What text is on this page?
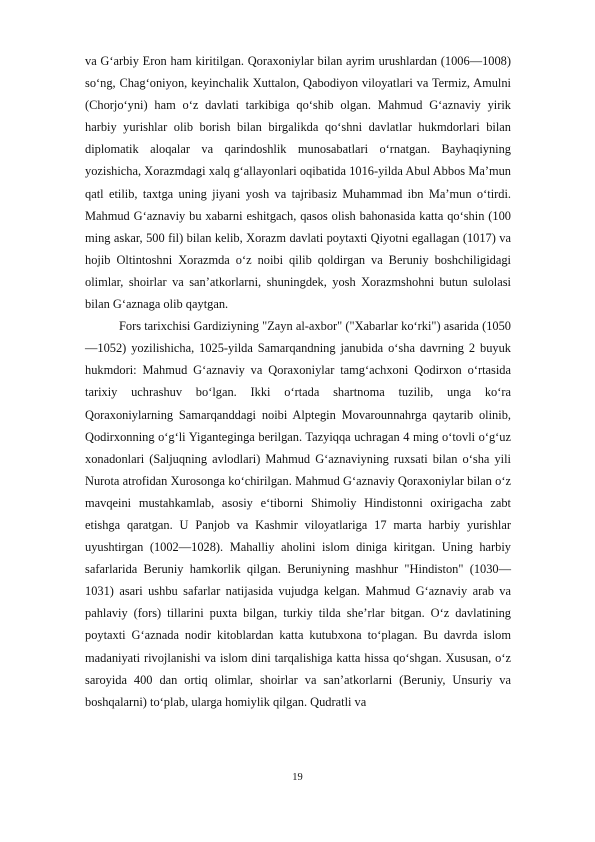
va Gʻarbiy Eron ham kiritilgan. Qoraxoniylar bilan ayrim urushlardan (1006—1008) soʻng, Chagʻoniyon, keyinchalik Xuttalon, Qabodiyon viloyatlari va Termiz, Amulni (Chorjoʻyni) ham oʻz davlati tarkibiga qoʻshib olgan. Mahmud Gʻaznaviy yirik harbiy yurishlar olib borish bilan birgalikda qoʻshni davlatlar hukmdorlari bilan diplomatik aloqalar va qarindoshlik munosabatlari oʻrnatgan. Bayhaqiyning yozishicha, Xorazmdagi xalq gʻallayonlari oqibatida 1016-yilda Abul Abbos Maʼmun qatl etilib, taxtga uning jiyani yosh va tajribasiz Muhammad ibn Maʼmun oʻtirdi. Mahmud Gʻaznaviy bu xabarni eshitgach, qasos olish bahonasida katta qoʻshin (100 ming askar, 500 fil) bilan kelib, Xorazm davlati poytaxti Qiyotni egallagan (1017) va hojib Oltintoshni Xorazmda oʻz noibi qilib qoldirgan va Beruniy boshchiligidagi olimlar, shoirlar va sanʼatkorlarni, shuningdek, yosh Xorazmshohni butun sulolasi bilan Gʻaznaga olib qaytgan.

Fors tarixchisi Gardiziyning "Zayn al-axbor" ("Xabarlar koʻrki") asarida (1050—1052) yozilishicha, 1025-yilda Samarqandning janubida oʻsha davrning 2 buyuk hukmdori: Mahmud Gʻaznaviy va Qoraxoniylar tamgʻachxoni Qodirxon oʻrtasida tarixiy uchrashuv boʻlgan. Ikki oʻrtada shartnoma tuzilib, unga koʻra Qoraxoniylarning Samarqanddagi noibi Alptegin Movarounnahrga qaytarib olinib, Qodirxonning oʻgʻli Yiganteginga berilgan. Tazyiqqa uchragan 4 ming oʻtovli oʻgʻuz xonadonlari (Saljuqning avlodlari) Mahmud Gʻaznaviyning ruxsati bilan oʻsha yili Nurota atrofidan Xurosonga koʻchirilgan. Mahmud Gʻaznaviy Qoraxoniylar bilan oʻz mavqeini mustahkamlab, asosiy eʻtiborni Shimoliy Hindistonni oxirigacha zabt etishga qaratgan. U Panjob va Kashmir viloyatlariga 17 marta harbiy yurishlar uyushtirgan (1002—1028). Mahalliy aholini islom diniga kiritgan. Uning harbiy safarlarida Beruniy hamkorlik qilgan. Beruniyning mashhur "Hindiston" (1030—1031) asari ushbu safarlar natijasida vujudga kelgan. Mahmud Gʻaznaviy arab va pahlaviy (fors) tillarini puxta bilgan, turkiy tilda sheʼrlar bitgan. Oʻz davlatining poytaxti Gʻaznada nodir kitoblardan katta kutubxona toʻplagan. Bu davrda islom madaniyati rivojlanishi va islom dini tarqalishiga katta hissa qoʻshgan. Xususan, oʻz saroyida 400 dan ortiq olimlar, shoirlar va sanʼatkorlarni (Beruniy, Unsuriy va boshqalarni) toʻplab, ularga homiylik qilgan. Qudratli va

19
